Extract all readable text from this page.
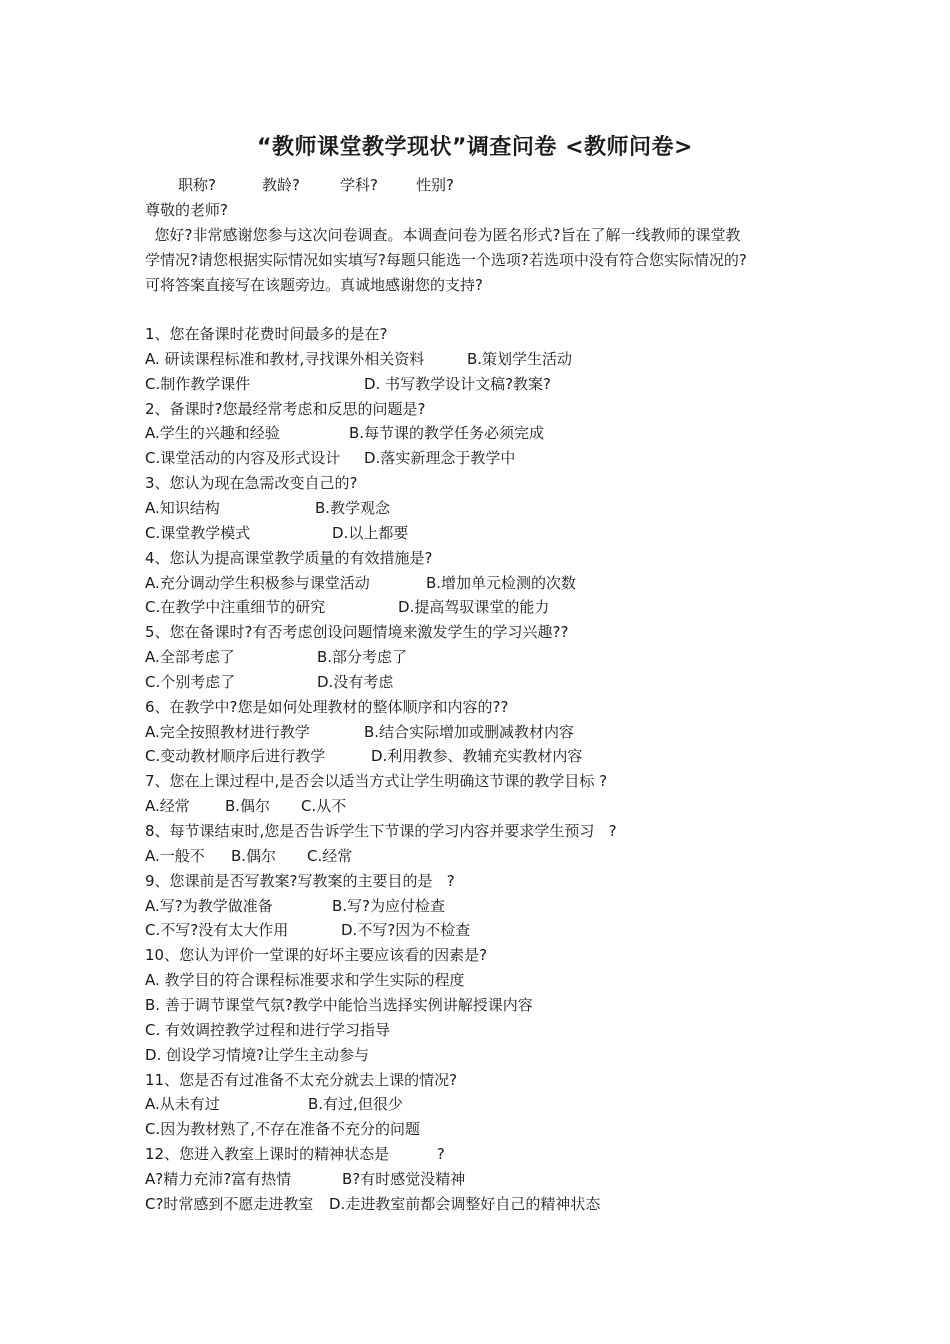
“教师课堂教学现状”调查问卷 <教师问卷>
职称?	教龄?	学科?	性别?
尊敬的老师?
您好?非常感谢您参与这次问卷调查。本调查问卷为匿名形式?旨在了解一线教师的课堂教
学情况?请您根据实际情况如实填写?每题只能选一个选项?若选项中没有符合您实际情况的?
可将答案直接写在该题旁边。真诚地感谢您的支持?
1、您在备课时花费时间最多的是在?
A. 研读课程标准和教材,寻找课外相关资料	B.策划学生活动
C.制作教学课件	D. 书写教学设计文稿?教案?
2、备课时?您最经常考虑和反思的问题是?
A.学生的兴趣和经验	B.每节课的教学任务必须完成
C.课堂活动的内容及形式设计 D.落实新理念于教学中
3、您认为现在急需改变自己的?
A.知识结构	B.教学观念
C.课堂教学模式	D.以上都要
4、您认为提高课堂教学质量的有效措施是?
A.充分调动学生积极参与课堂活动	B.增加单元检测的次数
C.在教学中注重细节的研究	D.提高驾驭课堂的能力
5、您在备课时?有否考虑创设问题情境来激发学生的学习兴趣??
A.全部考虑了	B.部分考虑了
C.个别考虑了	D.没有考虑
6、在教学中?您是如何处理教材的整体顺序和内容的??
A.完全按照教材进行教学	B.结合实际增加或删减教材内容
C.变动教材顺序后进行教学	D.利用教参、教辅充实教材内容
7、您在上课过程中,是否会以适当方式让学生明确这节课的教学目标 ?
A.经常 B.偶尔 C.从不
8、每节课结束时,您是否告诉学生下节课的学习内容并要求学生预习   ?
A.一般不 B.偶尔 C.经常
9、您课前是否写教案?写教案的主要目的是   ?
A.写?为教学做准备	B.写?为应付检查
C.不写?没有太大作用	D.不写?因为不检查
10、您认为评价一堂课的好坏主要应该看的因素是?
A. 教学目的符合课程标准要求和学生实际的程度
B. 善于调节课堂气氛?教学中能恰当选择实例讲解授课内容
C. 有效调控教学过程和进行学习指导
D. 创设学习情境?让学生主动参与
11、您是否有过准备不太充分就去上课的情况?
A.从未有过	B.有过,但很少
C.因为教材熟了,不存在准备不充分的问题
12、您进入教室上课时的精神状态是          ?
A?精力充沛?富有热情	B?有时感觉没精神
C?时常感到不愿走进教室 D.走进教室前都会调整好自己的精神状态
